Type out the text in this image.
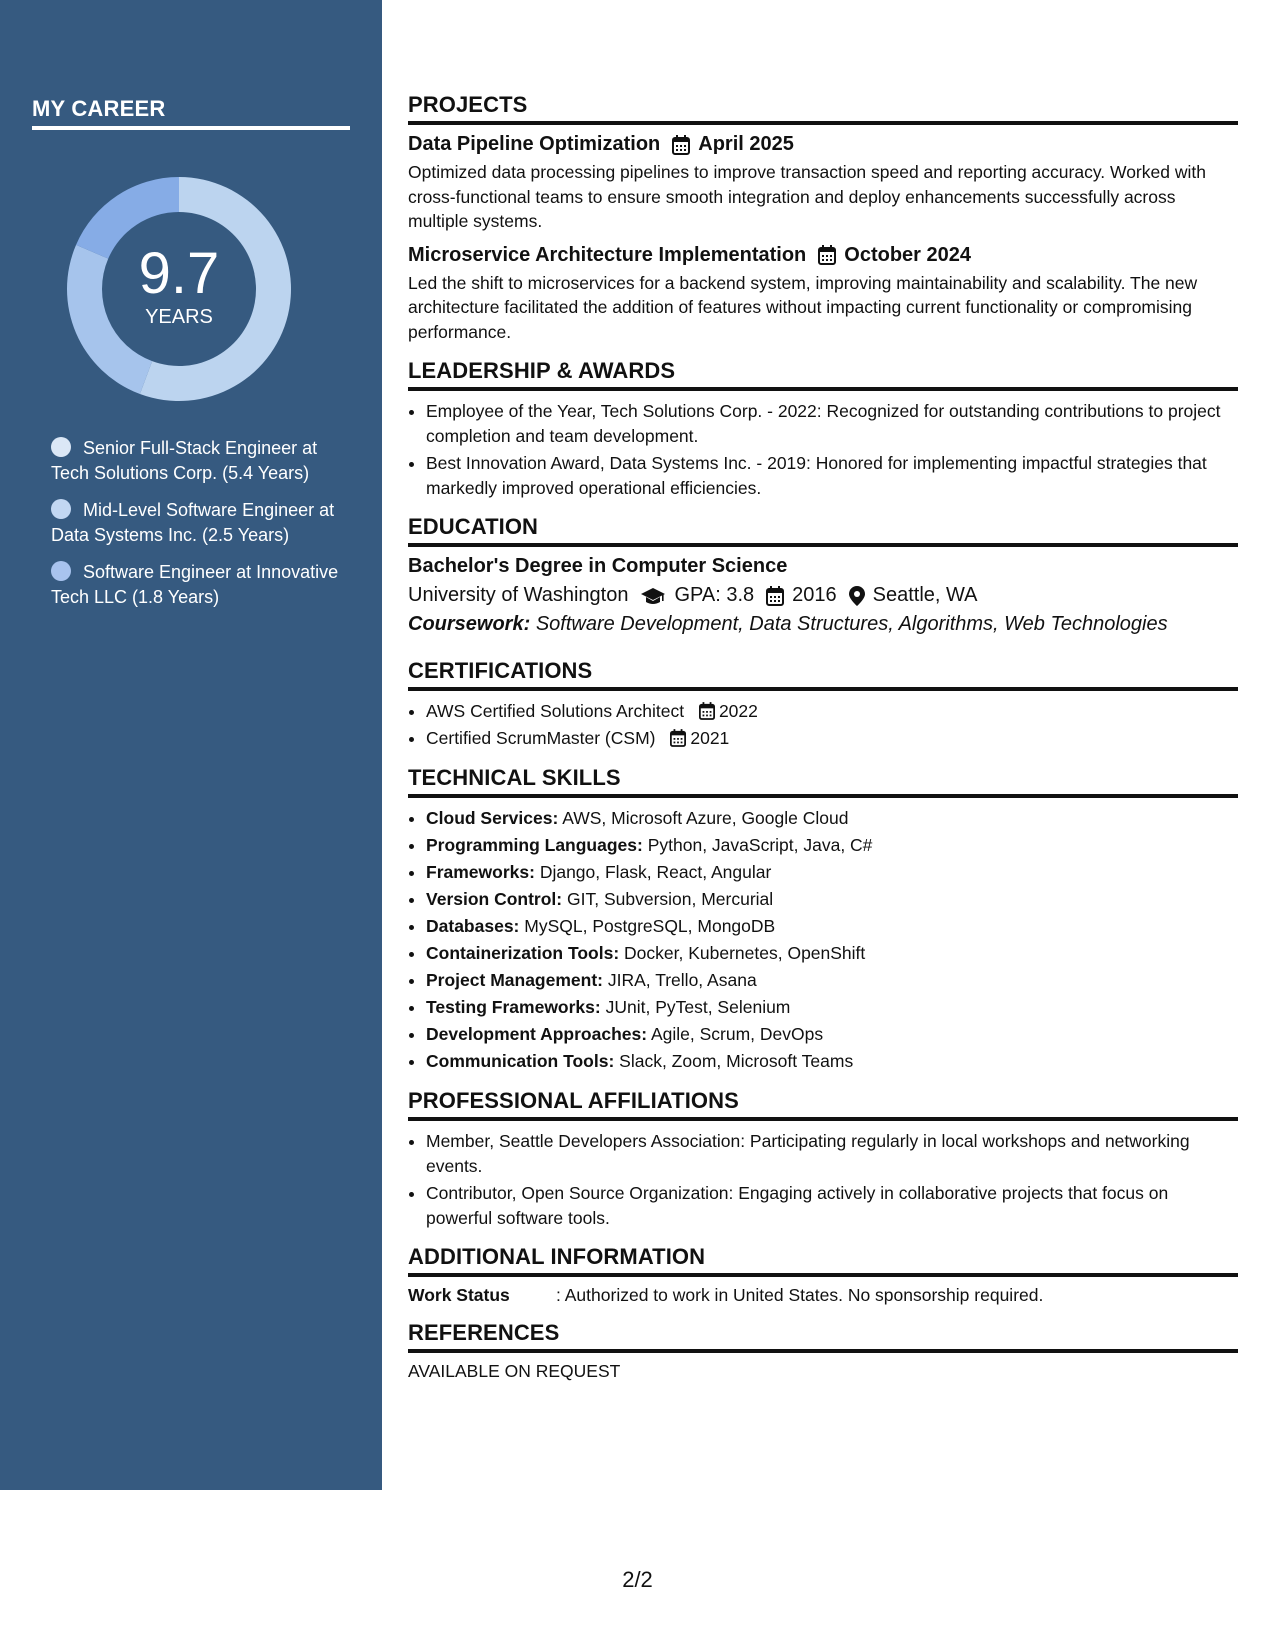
MY CAREER
9.7
YEARS
Senior Full-Stack Engineer at Tech Solutions Corp. (5.4 Years)
Mid-Level Software Engineer at Data Systems Inc. (2.5 Years)
Software Engineer at Innovative Tech LLC (1.8 Years)
PROJECTS
Data Pipeline Optimization April 2025
Optimized data processing pipelines to improve transaction speed and reporting accuracy. Worked with cross-functional teams to ensure smooth integration and deploy enhancements successfully across multiple systems.
Microservice Architecture Implementation October 2024
Led the shift to microservices for a backend system, improving maintainability and scalability. The new architecture facilitated the addition of features without impacting current functionality or compromising performance.
LEADERSHIP & AWARDS
• Employee of the Year, Tech Solutions Corp. - 2022: Recognized for outstanding contributions to project completion and team development.
• Best Innovation Award, Data Systems Inc. - 2019: Honored for implementing impactful strategies that markedly improved operational efficiencies.
EDUCATION
Bachelor's Degree in Computer Science
University of Washington GPA: 3.8 2016 Seattle, WA
Coursework: Software Development, Data Structures, Algorithms, Web Technologies
CERTIFICATIONS
• AWS Certified Solutions Architect 2022
• Certified ScrumMaster (CSM) 2021
TECHNICAL SKILLS
• Cloud Services: AWS, Microsoft Azure, Google Cloud
• Programming Languages: Python, JavaScript, Java, C#
• Frameworks: Django, Flask, React, Angular
• Version Control: GIT, Subversion, Mercurial
• Databases: MySQL, PostgreSQL, MongoDB
• Containerization Tools: Docker, Kubernetes, OpenShift
• Project Management: JIRA, Trello, Asana
• Testing Frameworks: JUnit, PyTest, Selenium
• Development Approaches: Agile, Scrum, DevOps
• Communication Tools: Slack, Zoom, Microsoft Teams
PROFESSIONAL AFFILIATIONS
• Member, Seattle Developers Association: Participating regularly in local workshops and networking events.
• Contributor, Open Source Organization: Engaging actively in collaborative projects that focus on powerful software tools.
ADDITIONAL INFORMATION
Work Status	: Authorized to work in United States. No sponsorship required.
REFERENCES
AVAILABLE ON REQUEST
2/2
